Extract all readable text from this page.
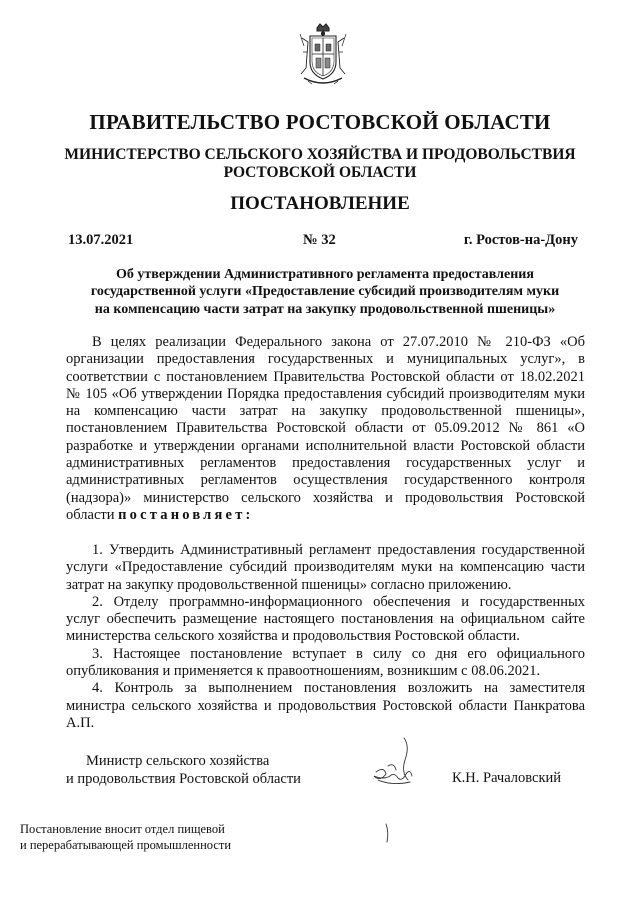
ПРАВИТЕЛЬСТВО РОСТОВСКОЙ ОБЛАСТИ
МИНИСТЕРСТВО СЕЛЬСКОГО ХОЗЯЙСТВА И ПРОДОВОЛЬСТВИЯ
РОСТОВСКОЙ ОБЛАСТИ
ПОСТАНОВЛЕНИЕ
13.07.2021	№ 32	г. Ростов-на-Дону
Об утверждении Административного регламента предоставления
государственной услуги «Предоставление субсидий производителям муки
на компенсацию части затрат на закупку продовольственной пшеницы»

В целях реализации Федерального закона от 27.07.2010 № 210-ФЗ «Об организации предоставления государственных и муниципальных услуг», в соответствии с постановлением Правительства Ростовской области от 18.02.2021 № 105 «Об утверждении Порядка предоставления субсидий производителям муки на компенсацию части затрат на закупку продовольственной пшеницы», постановлением Правительства Ростовской области от 05.09.2012 № 861 «О разработке и утверждении органами исполнительной власти Ростовской области административных регламентов предоставления государственных услуг и административных регламентов осуществления государственного контроля (надзора)» министерство сельского хозяйства и продовольствия Ростовской области постановляет:

1. Утвердить Административный регламент предоставления государственной услуги «Предоставление субсидий производителям муки на компенсацию части затрат на закупку продовольственной пшеницы» согласно приложению.

2. Отделу программно-информационного обеспечения и государственных услуг обеспечить размещение настоящего постановления на официальном сайте министерства сельского хозяйства и продовольствия Ростовской области.

3. Настоящее постановление вступает в силу со дня его официального опубликования и применяется к правоотношениям, возникшим с 08.06.2021.

4. Контроль за выполнением постановления возложить на заместителя министра сельского хозяйства и продовольствия Ростовской области Панкратова А.П.

Министр сельского хозяйства
и продовольствия Ростовской области	К.Н. Рачаловский
Постановление вносит отдел пищевой
и перерабатывающей промышленности
